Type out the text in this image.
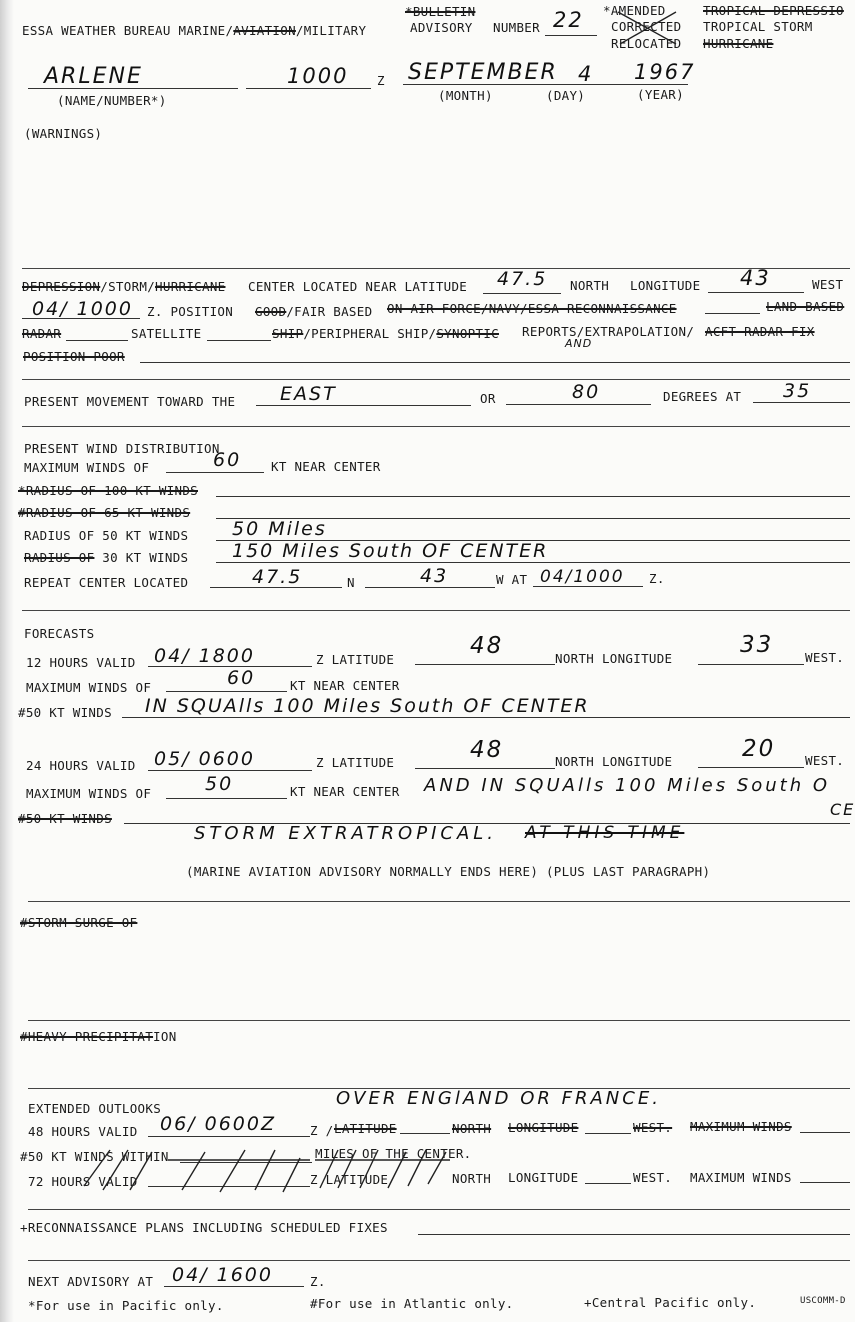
ESSA WEATHER BUREAU MARINE/AVIATION/MILITARY
*BULLETIN
ADVISORY NUMBER 22 *AMENDED
CORRECTED
RELOCATED
TROPICAL DEPRESSIO
TROPICAL STORM
HURRICANE
ARLENE	1000 Z SEPTEMBER 4 1967
(NAME/NUMBER*)	(MONTH)	(DAY)	(YEAR)
(WARNINGS)
DEPRESSION/STORM/HURRICANE CENTER LOCATED NEAR LATITUDE 47.5 NORTH LONGITUDE 43	WEST
04/ 1000 Z. POSITION GOOD/FAIR BASED ON AIR FORCE/NAVY/ESSA RECONNAISSANCE	LAND BASED
RADAR	SATELLITE	SHIP/PERIPHERAL SHIP/SYNOPTIC REPORTS/EXTRAPOLATION/ ACFT RADAR FIX
AND
POSITION POOR
PRESENT MOVEMENT TOWARD THE EAST	OR	80	DEGREES AT 35
PRESENT WIND DISTRIBUTION
MAXIMUM WINDS OF	60 KT NEAR CENTER
*RADIUS OF 100 KT WINDS
#RADIUS OF 65 KT WINDS
RADIUS OF 50 KT WINDS 50 Miles
RADIUS OF 30 KT WINDS 150 Miles South OF CENTER
REPEAT CENTER LOCATED	47.5	N	43	W AT 04/1000 Z.
FORECASTS
12 HOURS VALID 04/ 1800	Z LATITUDE
48	NORTH LONGITUDE
33	WEST.
MAXIMUM WINDS OF	60	KT NEAR CENTER
#50 KT WINDS IN SQUAlls 100 Miles South OF CENTER
24 HOURS VALID 05/ 0600	Z LATITUDE	48	NORTH LONGITUDE	20 WEST.
MAXIMUM WINDS OF	50	KT NEAR CENTER AND IN SQUAlls 100 Miles South O
CE
#50 KT WINDS
STORM EXTRATROPICAL. AT THIS TIME
(MARINE AVIATION ADVISORY NORMALLY ENDS HERE) (PLUS LAST PARAGRAPH)
#STORM SURGE OF
#HEAVY PRECIPITATION
EXTENDED OUTLOOKS	OVER ENGlAND OR FRANCE.
48 HOURS VALID 06/ 0600Z	Z / LATITUDE	NORTH LONGITUDE	WEST. MAXIMUM WINDS
#50 KT WINDS WITHIN	MILES OF THE CENTER.
72 HOURS VALID	Z LATITUDE	NORTH LONGITUDE	WEST. MAXIMUM WINDS
+RECONNAISSANCE PLANS INCLUDING SCHEDULED FIXES
NEXT ADVISORY AT 04/ 1600	Z.
*For use in Pacific only.	#For use in Atlantic only.	+Central Pacific only.	USCOMM-D
